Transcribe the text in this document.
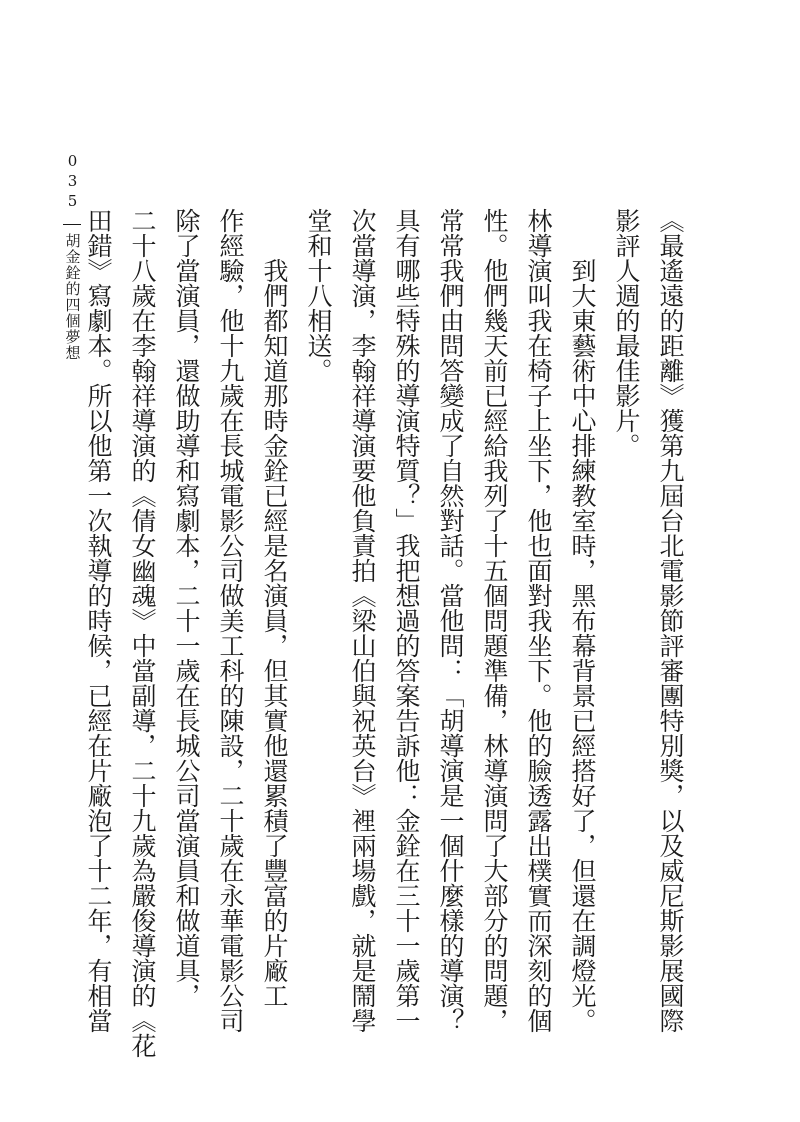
035
胡金銓的四個夢想	《最遙遠的距離》獲第九屆台北電影節評審團特別獎，以及威尼斯影展國際
影評人週的最佳影片。
到大東藝術中心排練教室時，黑布幕背景已經搭好了，但還在調燈光。
林導演叫我在椅子上坐下，他也面對我坐下。他的臉透露出樸實而深刻的個
性。他們幾天前已經給我列了十五個問題準備，林導演問了大部分的問題，
常常我們由問答變成了自然對話。當他問：「胡導演是一個什麼樣的導演？
具有哪些特殊的導演特質？」我把想過的答案告訴他：金銓在三十一歲第一
次當導演，李翰祥導演要他負責拍《梁山伯與祝英台》裡兩場戲，就是鬧學
堂和十八相送。
我們都知道那時金銓已經是名演員，但其實他還累積了豐富的片廠工
作經驗，他十九歲在長城電影公司做美工科的陳設，二十歲在永華電影公司
除了當演員，還做助導和寫劇本，二十一歲在長城公司當演員和做道具，
二十八歲在李翰祥導演的《倩女幽魂》中當副導，二十九歲為嚴俊導演的《花
田錯》寫劇本。所以他第一次執導的時候，已經在片廠泡了十二年，有相當
